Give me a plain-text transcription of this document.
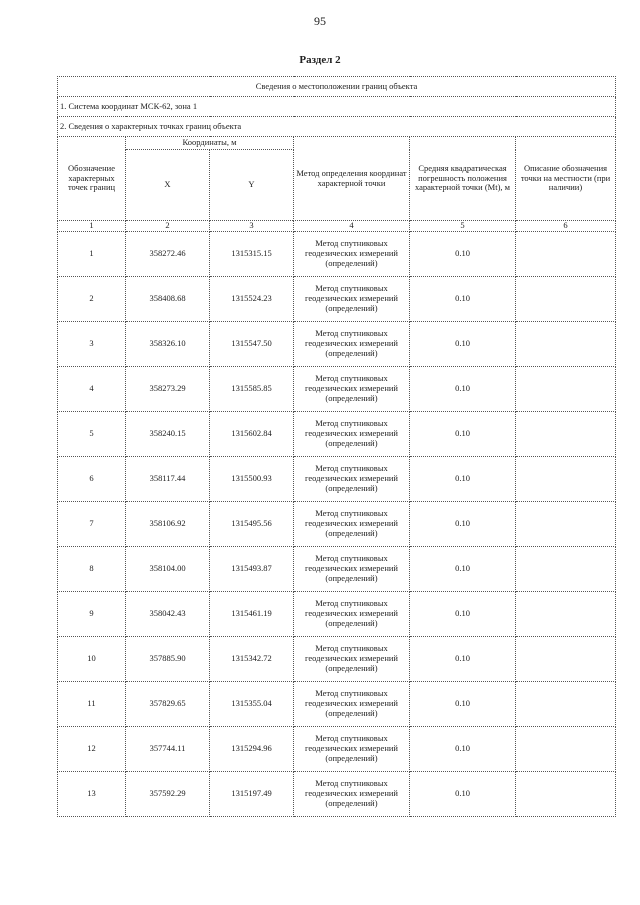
95
Раздел 2
Сведения о местоположении границ объекта					
1. Система координат МСК-62, зона 1					
2. Сведения о характерных точках границ объекта					
Обозначение характерных точек границ	Координаты, м		Метод определения координат характерной точки	Средняя квадратическая погрешность положения характерной точки (Mt), м	Описание обозначения точки на местности (при наличии)
	X	Y			
1	2	3	4	5	6
1	358272.46	1315315.15	Метод спутниковых геодезических измерений (определений)	0.10	
2	358408.68	1315524.23	Метод спутниковых геодезических измерений (определений)	0.10	
3	358326.10	1315547.50	Метод спутниковых геодезических измерений (определений)	0.10	
4	358273.29	1315585.85	Метод спутниковых геодезических измерений (определений)	0.10	
5	358240.15	1315602.84	Метод спутниковых геодезических измерений (определений)	0.10	
6	358117.44	1315500.93	Метод спутниковых геодезических измерений (определений)	0.10	
7	358106.92	1315495.56	Метод спутниковых геодезических измерений (определений)	0.10	
8	358104.00	1315493.87	Метод спутниковых геодезических измерений (определений)	0.10	
9	358042.43	1315461.19	Метод спутниковых геодезических измерений (определений)	0.10	
10	357885.90	1315342.72	Метод спутниковых геодезических измерений (определений)	0.10	
11	357829.65	1315355.04	Метод спутниковых геодезических измерений (определений)	0.10	
12	357744.11	1315294.96	Метод спутниковых геодезических измерений (определений)	0.10	
13	357592.29	1315197.49	Метод спутниковых геодезических измерений (определений)	0.10	
